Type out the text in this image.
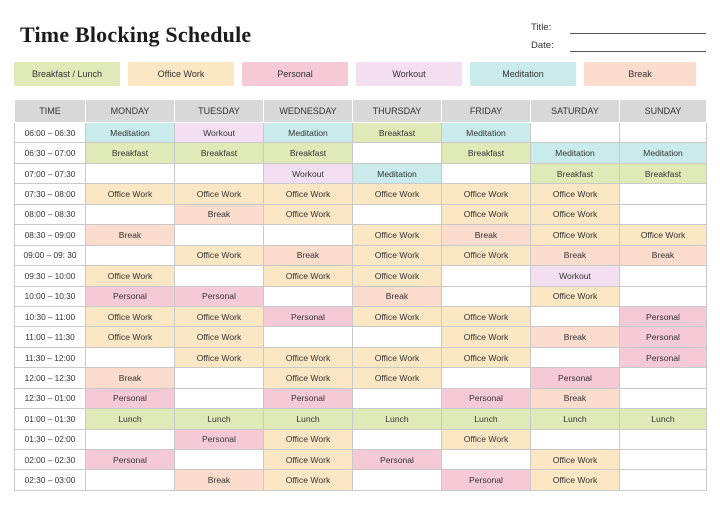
Time Blocking Schedule	Title:
Date:
Breakfast / Lunch	Office Work	Personal	Workout	Meditation	Break
TIME	MONDAY	TUESDAY	WEDNESDAY	THURSDAY	FRIDAY	SATURDAY	SUNDAY
06:00 – 06:30	Meditation	Workout	Meditation	Breakfast	Meditation		
06:30 – 07:00	Breakfast	Breakfast	Breakfast		Breakfast	Meditation	Meditation
07:00 – 07:30			Workout	Meditation		Breakfast	Breakfast
07:30 – 08:00	Office Work	Office Work	Office Work	Office Work	Office Work	Office Work	
08:00 – 08:30		Break	Office Work		Office Work	Office Work	
08:30 – 09:00	Break			Office Work	Break	Office Work	Office Work
09:00 – 09: 30		Office Work	Break	Office Work	Office Work	Break	Break
09:30 – 10:00	Office Work		Office Work	Office Work		Workout	
10:00 – 10:30	Personal	Personal		Break		Office Work	
10:30 – 11:00	Office Work	Office Work	Personal	Office Work	Office Work		Personal
11:00 – 11:30	Office Work	Office Work			Office Work	Break	Personal
11:30 – 12:00		Office Work	Office Work	Office Work	Office Work		Personal
12:00 – 12:30	Break		Office Work	Office Work		Personal	
12:30 – 01:00	Personal		Personal		Personal	Break	
01:00 – 01:30	Lunch	Lunch	Lunch	Lunch	Lunch	Lunch	Lunch
01:30 – 02:00		Personal	Office Work		Office Work		
02:00 – 02:30	Personal		Office Work	Personal		Office Work	
02:30 – 03:00		Break	Office Work		Personal	Office Work	
